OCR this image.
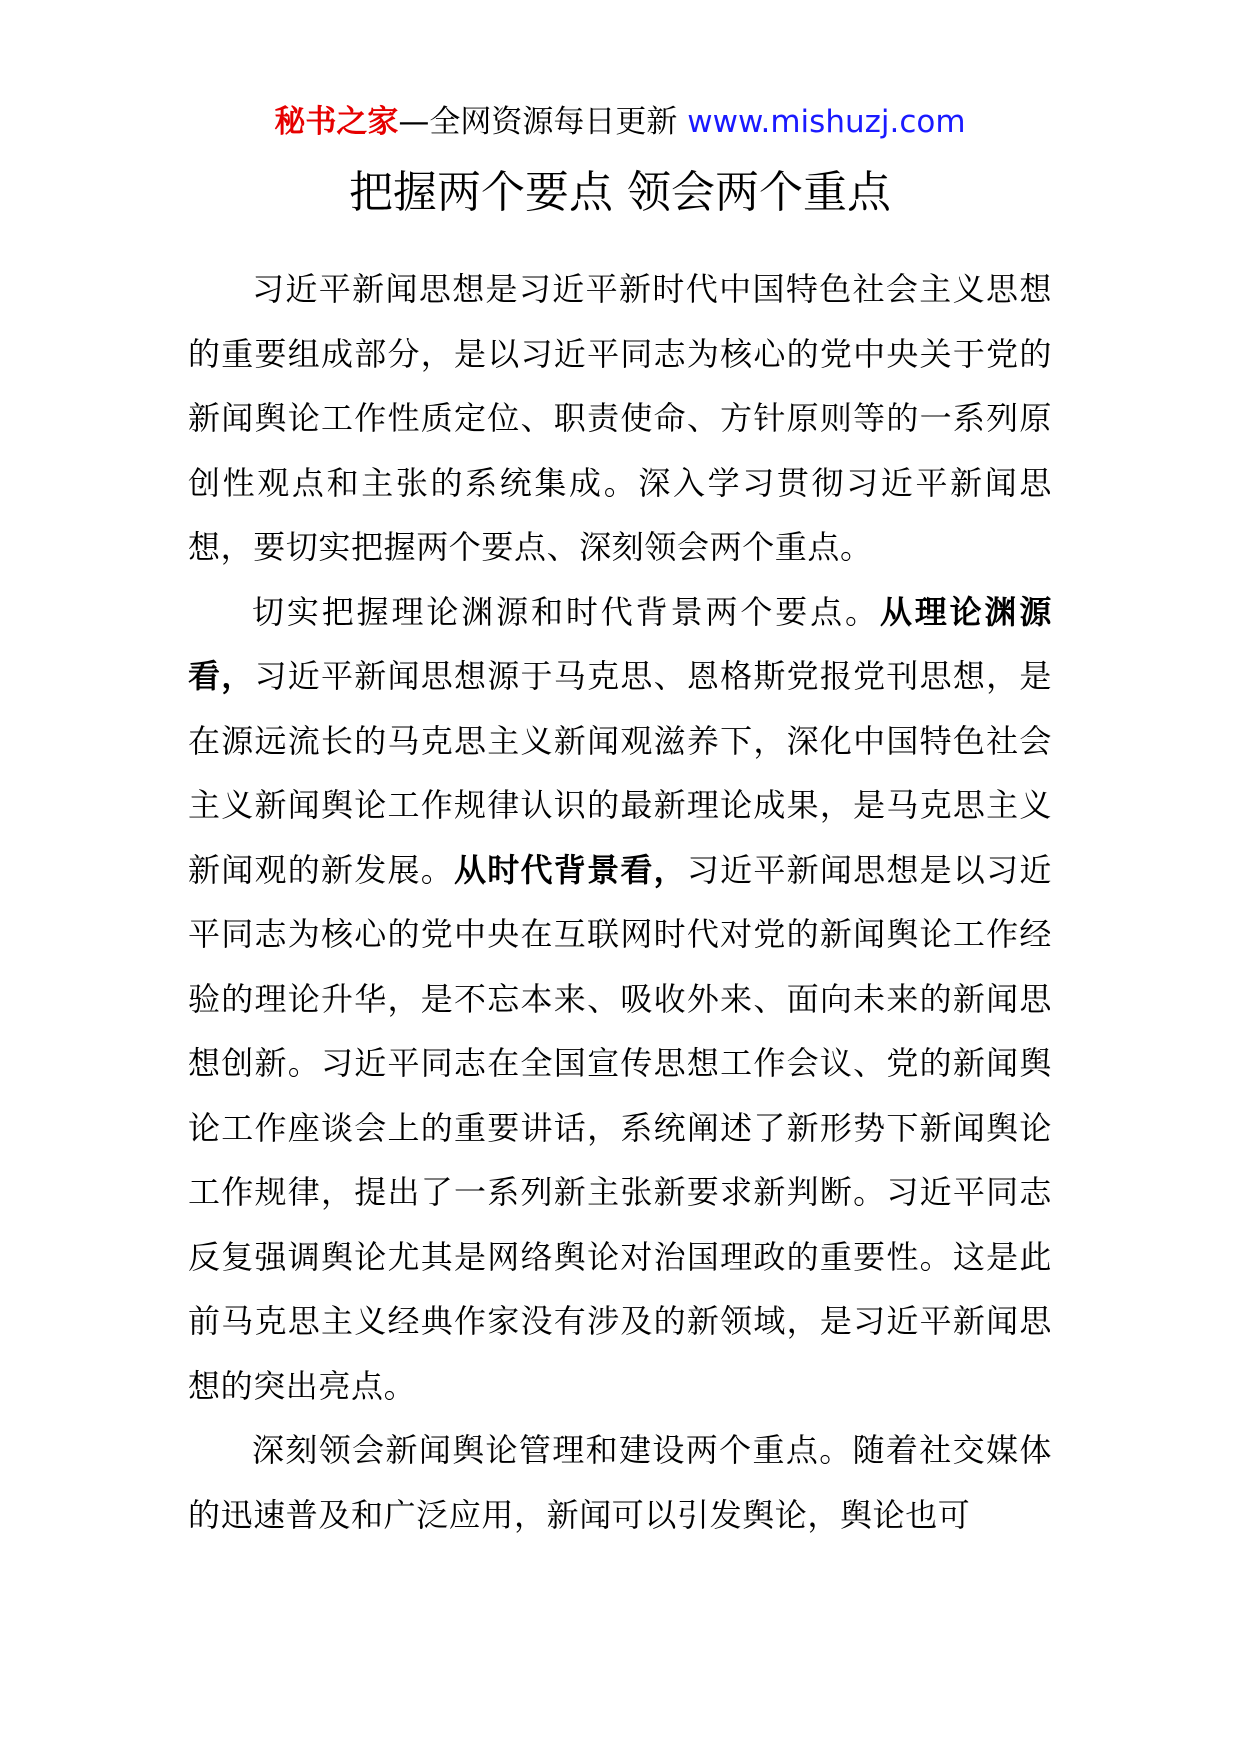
秘书之家—全网资源每日更新 www.mishuzj.com
把握两个要点 领会两个重点

习近平新闻思想是习近平新时代中国特色社会主义思想的重要组成部分，是以习近平同志为核心的党中央关于党的新闻舆论工作性质定位、职责使命、方针原则等的一系列原创性观点和主张的系统集成。深入学习贯彻习近平新闻思想，要切实把握两个要点、深刻领会两个重点。

切实把握理论渊源和时代背景两个要点。从理论渊源看，习近平新闻思想源于马克思、恩格斯党报党刊思想，是在源远流长的马克思主义新闻观滋养下，深化中国特色社会主义新闻舆论工作规律认识的最新理论成果，是马克思主义新闻观的新发展。从时代背景看，习近平新闻思想是以习近平同志为核心的党中央在互联网时代对党的新闻舆论工作经验的理论升华，是不忘本来、吸收外来、面向未来的新闻思想创新。习近平同志在全国宣传思想工作会议、党的新闻舆论工作座谈会上的重要讲话，系统阐述了新形势下新闻舆论工作规律，提出了一系列新主张新要求新判断。习近平同志反复强调舆论尤其是网络舆论对治国理政的重要性。这是此前马克思主义经典作家没有涉及的新领域，是习近平新闻思想的突出亮点。

深刻领会新闻舆论管理和建设两个重点。随着社交媒体的迅速普及和广泛应用，新闻可以引发舆论，舆论也可
